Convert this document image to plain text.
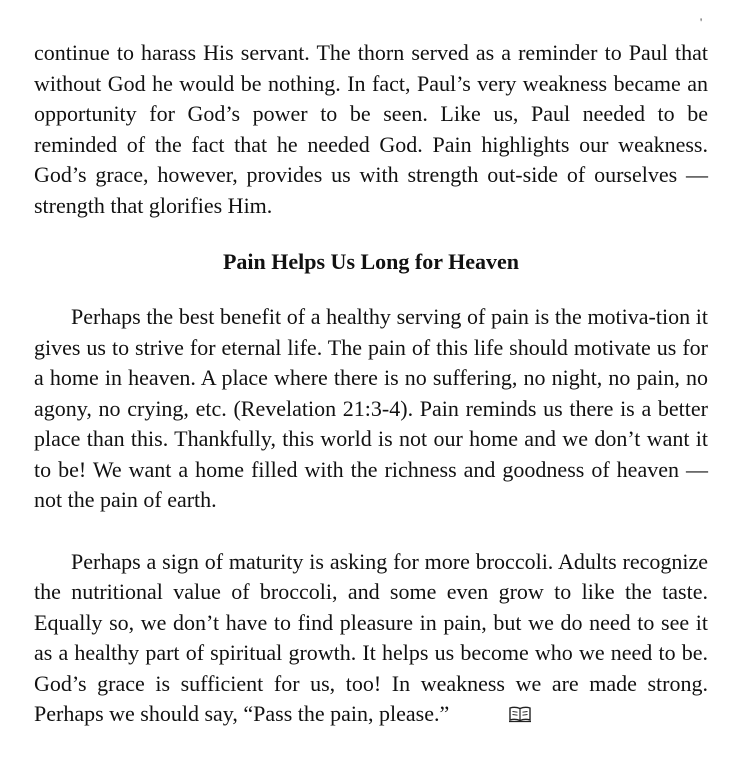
'

continue to harass His servant. The thorn served as a reminder to Paul that without God he would be nothing. In fact, Paul’s very weakness became an opportunity for God’s power to be seen. Like us, Paul needed to be reminded of the fact that he needed God. Pain highlights our weakness. God’s grace, however, provides us with strength out-side of ourselves — strength that glorifies Him.

Pain Helps Us Long for Heaven

Perhaps the best benefit of a healthy serving of pain is the motiva-tion it gives us to strive for eternal life. The pain of this life should motivate us for a home in heaven. A place where there is no suffering, no night, no pain, no agony, no crying, etc. (Revelation 21:3-4). Pain reminds us there is a better place than this. Thankfully, this world is not our home and we don’t want it to be! We want a home filled with the richness and goodness of heaven — not the pain of earth.

Perhaps a sign of maturity is asking for more broccoli. Adults recognize the nutritional value of broccoli, and some even grow to like the taste. Equally so, we don’t have to find pleasure in pain, but we do need to see it as a healthy part of spiritual growth. It helps us become who we need to be. God’s grace is sufficient for us, too! In weakness we are made strong. Perhaps we should say, “Pass the pain, please.”
